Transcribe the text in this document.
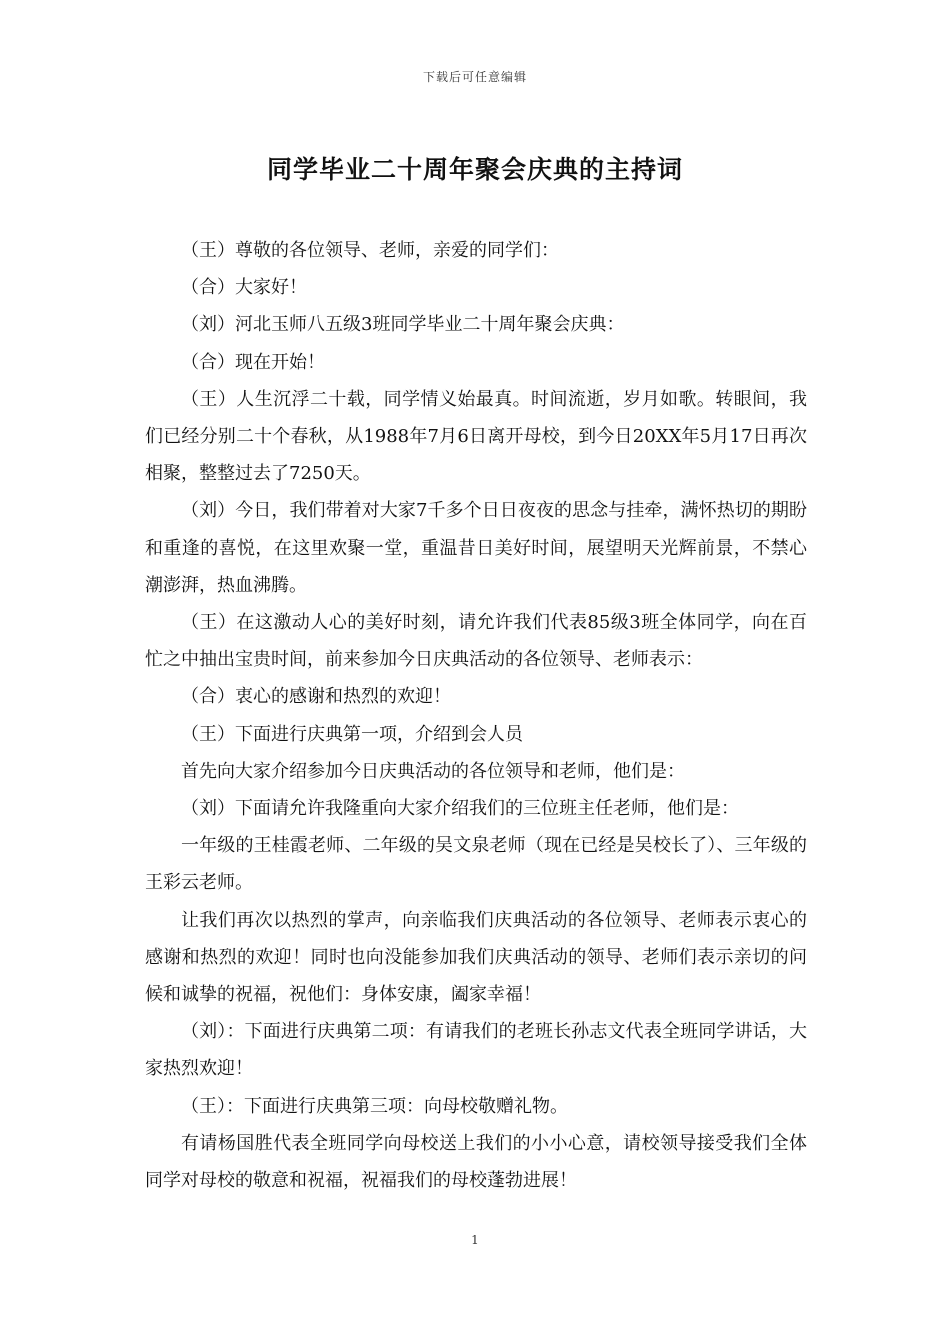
下载后可任意编辑
同学毕业二十周年聚会庆典的主持词

（王）尊敬的各位领导、老师，亲爱的同学们：

（合）大家好！

（刘）河北玉师八五级3班同学毕业二十周年聚会庆典：

（合）现在开始！

（王）人生沉浮二十载，同学情义始最真。时间流逝，岁月如歌。转眼间，我们已经分别二十个春秋，从1988年7月6日离开母校，到今日20XX年5月17日再次相聚，整整过去了7250天。

（刘）今日，我们带着对大家7千多个日日夜夜的思念与挂牵，满怀热切的期盼和重逢的喜悦，在这里欢聚一堂，重温昔日美好时间，展望明天光辉前景，不禁心潮澎湃，热血沸腾。

（王）在这激动人心的美好时刻，请允许我们代表85级3班全体同学，向在百忙之中抽出宝贵时间，前来参加今日庆典活动的各位领导、老师表示：

（合）衷心的感谢和热烈的欢迎！

（王）下面进行庆典第一项，介绍到会人员

首先向大家介绍参加今日庆典活动的各位领导和老师，他们是：

（刘）下面请允许我隆重向大家介绍我们的三位班主任老师，他们是：

一年级的王桂霞老师、二年级的吴文泉老师（现在已经是吴校长了）、三年级的王彩云老师。

让我们再次以热烈的掌声，向亲临我们庆典活动的各位领导、老师表示衷心的感谢和热烈的欢迎！同时也向没能参加我们庆典活动的领导、老师们表示亲切的问候和诚挚的祝福，祝他们：身体安康，阖家幸福！

（刘）：下面进行庆典第二项：有请我们的老班长孙志文代表全班同学讲话，大家热烈欢迎！

（王）：下面进行庆典第三项：向母校敬赠礼物。

有请杨国胜代表全班同学向母校送上我们的小小心意，请校领导接受我们全体同学对母校的敬意和祝福，祝福我们的母校蓬勃进展！

1
